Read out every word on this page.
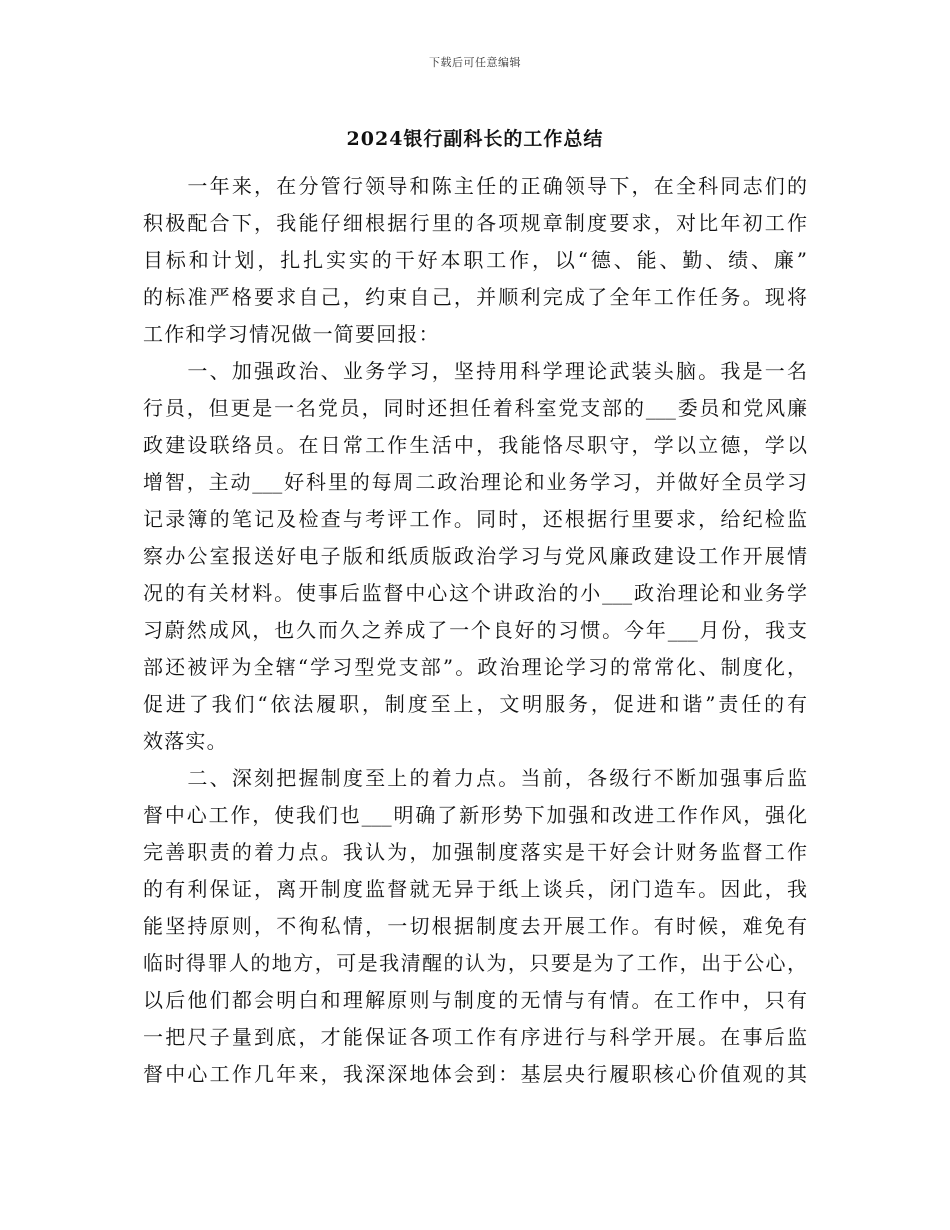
下载后可任意编辑
2024银行副科长的工作总结
　　一年来，在分管行领导和陈主任的正确领导下，在全科同志们的
积极配合下，我能仔细根据行里的各项规章制度要求，对比年初工作
目标和计划，扎扎实实的干好本职工作，以“德、能、勤、绩、廉”
的标准严格要求自己，约束自己，并顺利完成了全年工作任务。现将
工作和学习情况做一简要回报：
　　一、加强政治、业务学习，坚持用科学理论武装头脑。我是一名
行员，但更是一名党员，同时还担任着科室党支部的___委员和党风廉
政建设联络员。在日常工作生活中，我能恪尽职守，学以立德，学以
增智，主动___好科里的每周二政治理论和业务学习，并做好全员学习
记录簿的笔记及检查与考评工作。同时，还根据行里要求，给纪检监
察办公室报送好电子版和纸质版政治学习与党风廉政建设工作开展情
况的有关材料。使事后监督中心这个讲政治的小___政治理论和业务学
习蔚然成风，也久而久之养成了一个良好的习惯。今年___月份，我支
部还被评为全辖“学习型党支部”。政治理论学习的常常化、制度化，
促进了我们“依法履职，制度至上，文明服务，促进和谐”责任的有
效落实。
　　二、深刻把握制度至上的着力点。当前，各级行不断加强事后监
督中心工作，使我们也___明确了新形势下加强和改进工作作风，强化
完善职责的着力点。我认为，加强制度落实是干好会计财务监督工作
的有利保证，离开制度监督就无异于纸上谈兵，闭门造车。因此，我
能坚持原则，不徇私情，一切根据制度去开展工作。有时候，难免有
临时得罪人的地方，可是我清醒的认为，只要是为了工作，出于公心，
以后他们都会明白和理解原则与制度的无情与有情。在工作中，只有
一把尺子量到底，才能保证各项工作有序进行与科学开展。在事后监
督中心工作几年来，我深深地体会到：基层央行履职核心价值观的其
